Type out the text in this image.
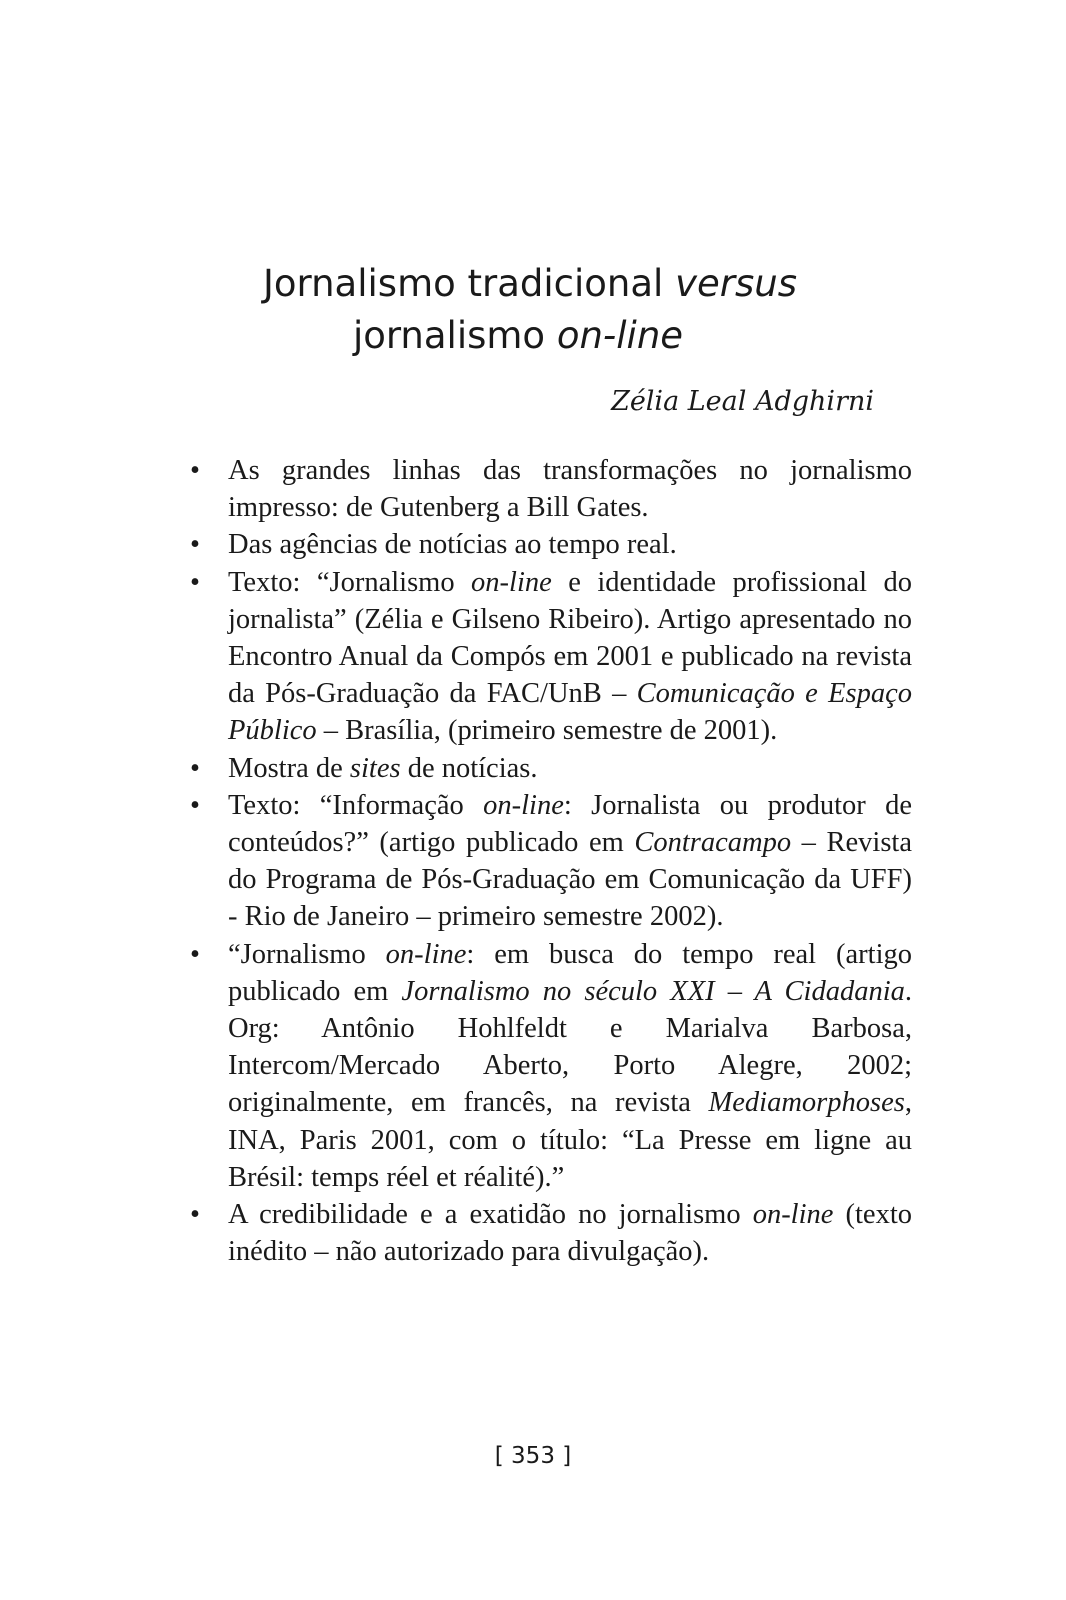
Jornalismo tradicional versus
jornalismo on-line

Zélia Leal Adghirni

• As grandes linhas das transformações no jornalismo impresso: de Gutenberg a Bill Gates.
• Das agências de notícias ao tempo real.
• Texto: “Jornalismo on-line e identidade profissional do jornalista” (Zélia e Gilseno Ribeiro). Artigo apresentado no Encontro Anual da Compós em 2001 e publicado na revista da Pós-Graduação da FAC/UnB – Comunicação e Espaço Público – Brasília, (primeiro semestre de 2001).
• Mostra de sites de notícias.
• Texto: “Informação on-line: Jornalista ou produtor de conteúdos?” (artigo publicado em Contracampo – Revista do Programa de Pós-Graduação em Comunicação da UFF) - Rio de Janeiro – primeiro semestre 2002).
• “Jornalismo on-line: em busca do tempo real (artigo publicado em Jornalismo no século XXI – A Cidadania. Org: Antônio Hohlfeldt e Marialva Barbosa, Intercom/Mercado Aberto, Porto Alegre, 2002; originalmente, em francês, na revista Mediamorphoses, INA, Paris 2001, com o título: “La Presse em ligne au Brésil: temps réel et réalité).”
• A credibilidade e a exatidão no jornalismo on-line (texto inédito – não autorizado para divulgação).

[ 353 ]
